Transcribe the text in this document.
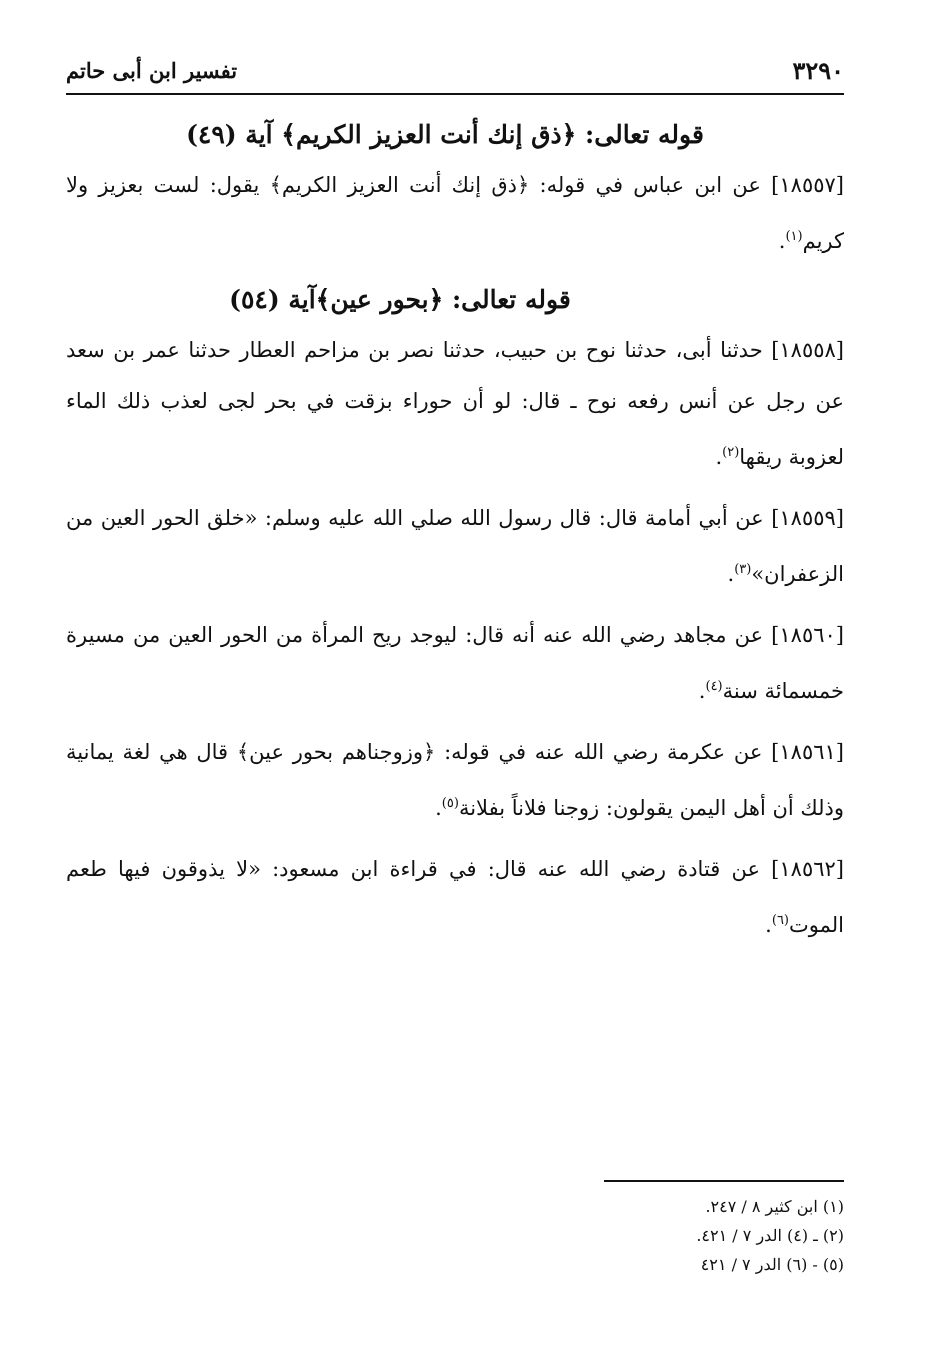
٣٢٩٠
تفسير ابن أبى حاتم
قوله تعالى: ﴿ذق إنك أنت العزيز الكريم﴾ آية (٤٩)

[١٨٥٥٧] عن ابن عباس في قوله: ﴿ذق إنك أنت العزيز الكريم﴾ يقول: لست بعزيز ولا كريم$^{(١)}$.

قوله تعالى: ﴿بحور عين﴾آية (٥٤)

[١٨٥٥٨] حدثنا أبى، حدثنا نوح بن حبيب، حدثنا نصر بن مزاحم العطار حدثنا عمر بن سعد عن رجل عن أنس رفعه نوح ـ قال: لو أن حوراء بزقت في بحر لجى لعذب ذلك الماء لعزوبة ريقها$^{(٢)}$.

[١٨٥٥٩] عن أبي أمامة قال: قال رسول الله صلي الله عليه وسلم: «خلق الحور العين من الزعفران»$^{(٣)}$.

[١٨٥٦٠] عن مجاهد رضي الله عنه أنه قال: ليوجد ريح المرأة من الحور العين من مسيرة خمسمائة سنة$^{(٤)}$.

[١٨٥٦١] عن عكرمة رضي الله عنه في قوله: ﴿وزوجناهم بحور عين﴾ قال هي لغة يمانية وذلك أن أهل اليمن يقولون: زوجنا فلاناً بفلانة$^{(٥)}$.

[١٨٥٦٢] عن قتادة رضي الله عنه قال: في قراءة ابن مسعود: «لا يذوقون فيها طعم الموت$^{(٦)}$.

(١) ابن كثير ٨ / ٢٤٧.
(٢) ـ (٤) الدر ٧ / ٤٢١.
(٥) - (٦) الدر ٧ / ٤٢١
